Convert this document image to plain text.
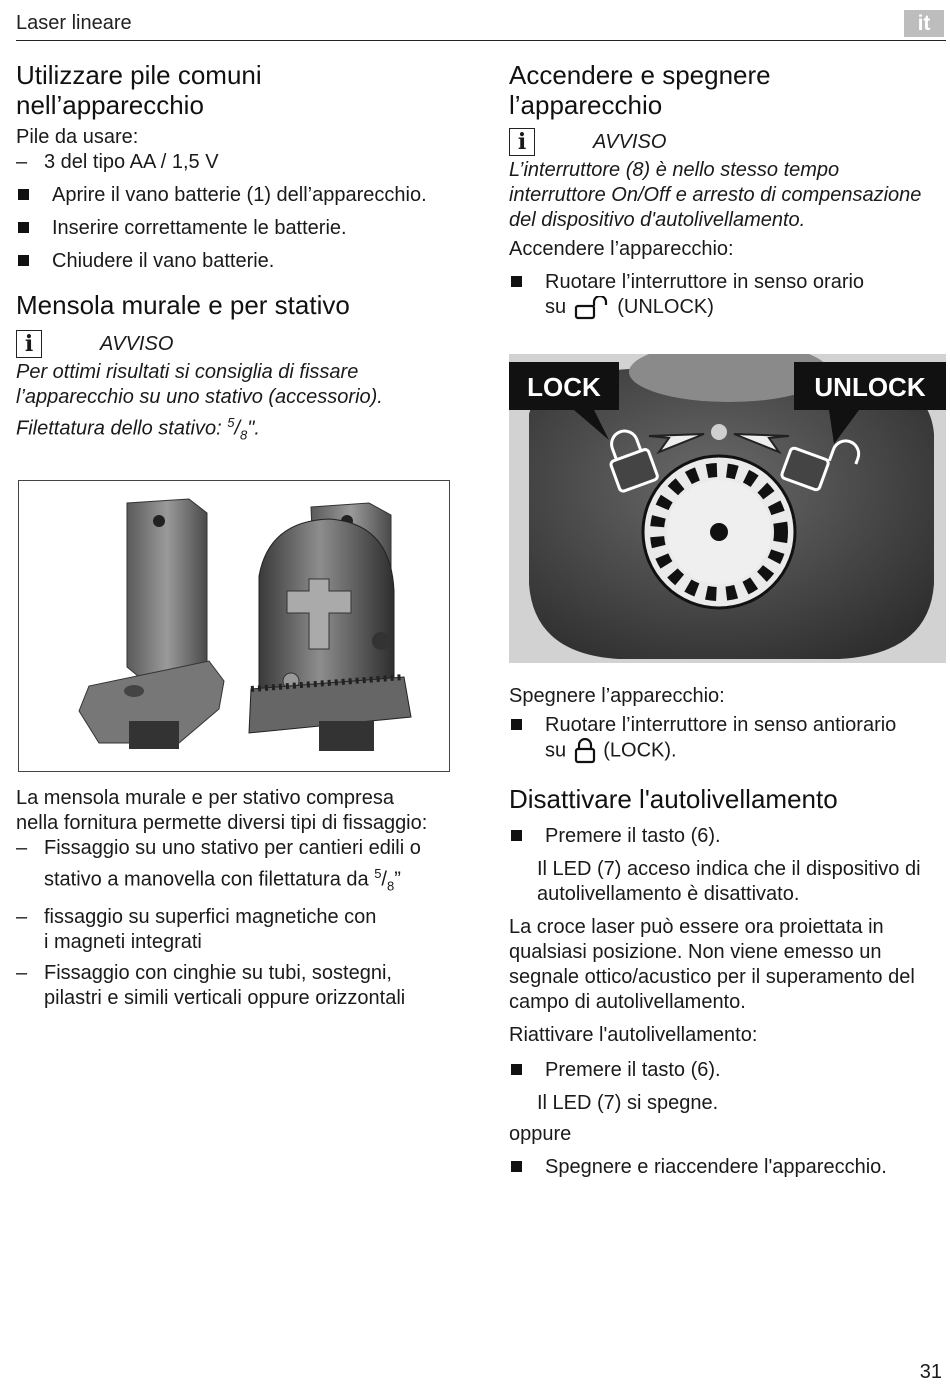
Laser lineare	it
Utilizzare pile comuni
nell’apparecchio

Pile da usare:

– 3 del tipo AA / 1,5 V
Aprire il vano batterie (1) dell’apparecchio.
Inserire correttamente le batterie.
Chiudere il vano batterie.
Mensola murale e per stativo
i	AVVISO

Per ottimi risultati si consiglia di fissare

l’apparecchio su uno stativo (accessorio).

Filettatura dello stativo: $^5/_8$".

La mensola murale e per stativo compresa

nella fornitura permette diversi tipi di fissaggio:

– Fissaggio su uno stativo per cantieri edili o
stativo a manovella con filettatura da $^5/_8$”
– fissaggio su superfici magnetiche con
i magneti integrati
– Fissaggio con cinghie su tubi, sostegni,
pilastri e simili verticali oppure orizzontali
Accendere e spegnere
l’apparecchio
i	AVVISO

L’interruttore (8) è nello stesso tempo

interruttore On/Off e arresto di compensazione

del dispositivo d'autolivellamento.

Accendere l’apparecchio:

Ruotare l’interruttore in senso orario
su	(UNLOCK)
LOCK	UNLOCK

Spegnere l’apparecchio:

Ruotare l’interruttore in senso antiorario
su (LOCK).
Disattivare l'autolivellamento
Premere il tasto (6).
Il LED (7) acceso indica che il dispositivo di
autolivellamento è disattivato.

La croce laser può essere ora proiettata in

qualsiasi posizione. Non viene emesso un

segnale ottico/acustico per il superamento del

campo di autolivellamento.

Riattivare l'autolivellamento:

Premere il tasto (6).
Il LED (7) si spegne.

oppure

Spegnere e riaccendere l'apparecchio.
31
